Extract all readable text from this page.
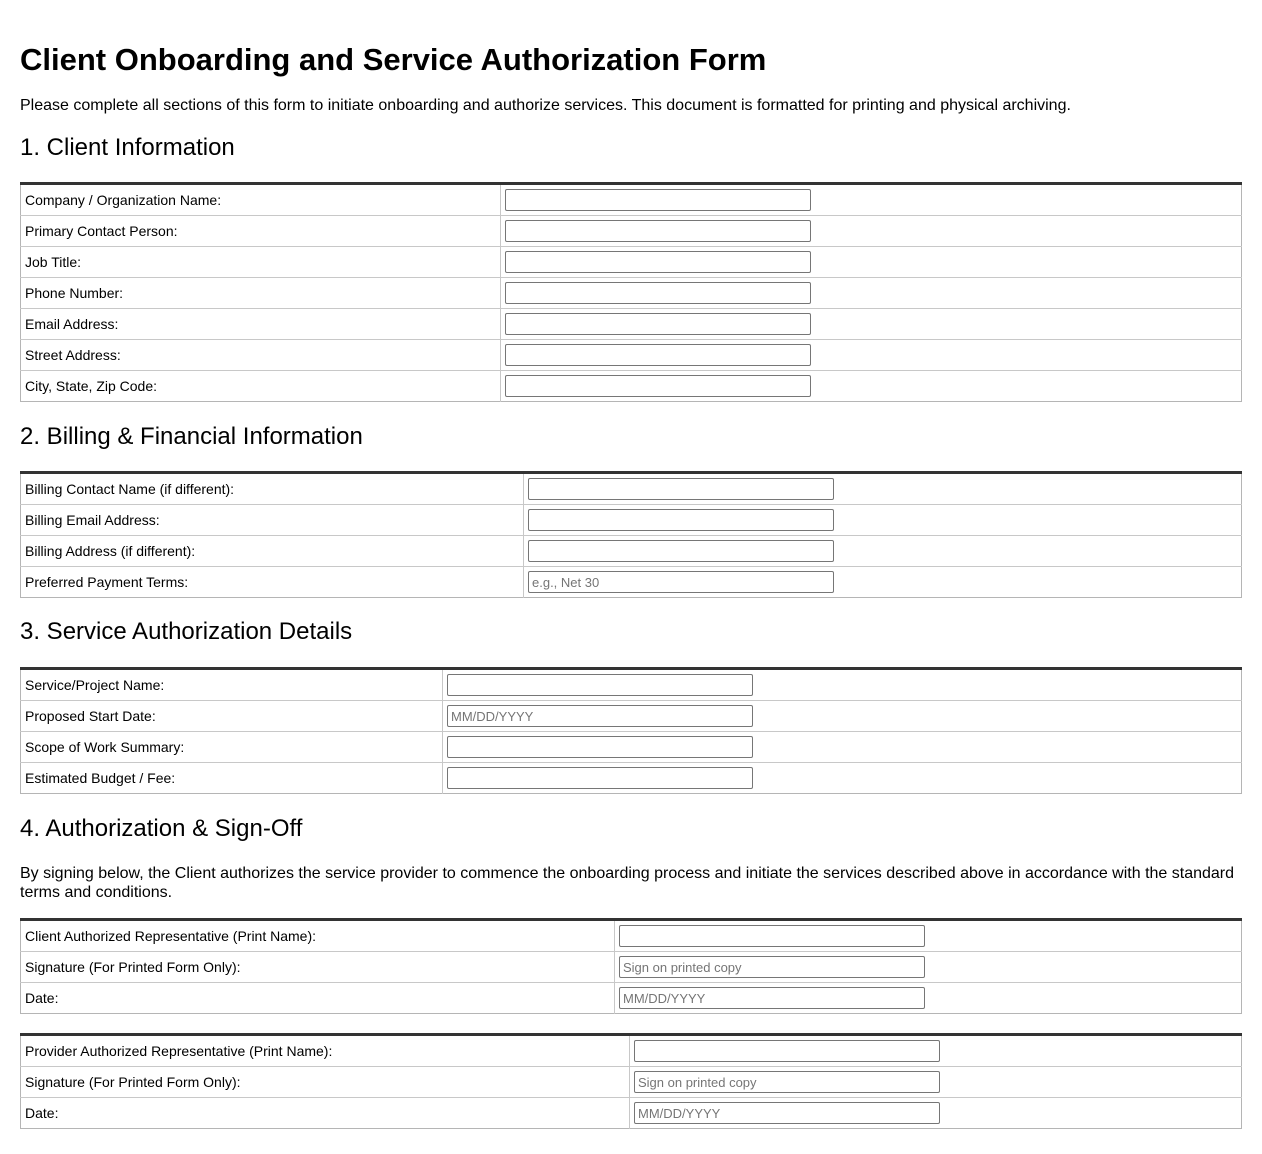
Client Onboarding and Service Authorization Form

Please complete all sections of this form to initiate onboarding and authorize services. This document is formatted for printing and physical archiving.

1. Client Information
Company / Organization Name:	

Primary Contact Person:	

Job Title:	

Phone Number:	

Email Address:	

Street Address:	

City, State, Zip Code:	
2. Billing & Financial Information
Billing Contact Name (if different):	

Billing Email Address:	

Billing Address (if different):	

Preferred Payment Terms:	
e.g., Net 30
3. Service Authorization Details
Service/Project Name:	

Proposed Start Date:	
MM/DD/YYYY
Scope of Work Summary:	

Estimated Budget / Fee:	
4. Authorization & Sign-Off

By signing below, the Client authorizes the service provider to commence the onboarding process and initiate the services described above in accordance with the standard terms and conditions.

Client Authorized Representative (Print Name):	

Signature (For Printed Form Only):	
Sign on printed copy
Date:	
MM/DD/YYYY
Provider Authorized Representative (Print Name):	

Signature (For Printed Form Only):	
Sign on printed copy
Date:	
MM/DD/YYYY
